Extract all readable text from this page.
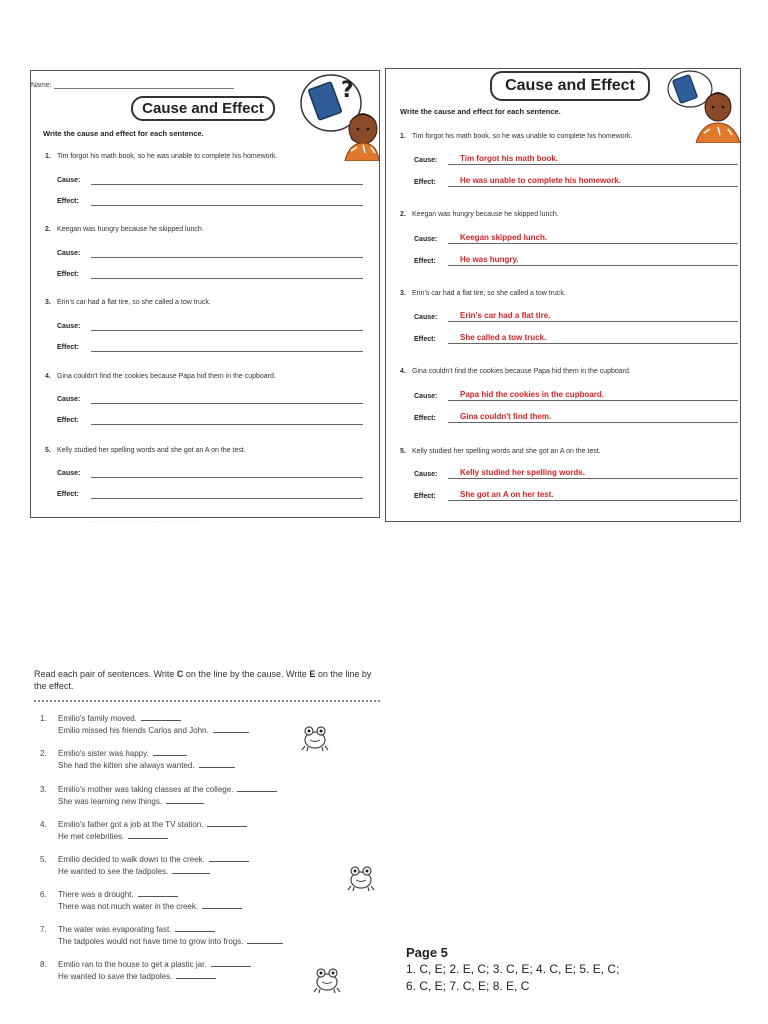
Name:
Cause and Effect
?
Write the cause and effect for each sentence.
1. Tim forgot his math book, so he was unable to complete his homework.
Cause:
Effect:
2. Keegan was hungry because he skipped lunch.
Cause:
Effect:
3. Erin's car had a flat tire, so she called a tow truck.
Cause:
Effect:
4. Gina couldn't find the cookies because Papa hid them in the cupboard.
Cause:
Effect:
5. Kelly studied her spelling words and she got an A on the test.
Cause:
Effect:
· · · · · · · · · · · · · · · · · · · · · · · · · · · · · · · · · · · ·
Cause and Effect
Write the cause and effect for each sentence.
1. Tim forgot his math book, so he was unable to complete his homework.
Cause:	Tim forgot his math book.
Effect:	He was unable to complete his homework.
2. Keegan was hungry because he skipped lunch.
Cause:	Keegan skipped lunch.
Effect:	He was hungry.
3. Erin's car had a flat tire, so she called a tow truck.
Cause:	Erin's car had a flat tire.
Effect:	She called a tow truck.
4. Gina couldn't find the cookies because Papa hid them in the cupboard.
Cause:	Papa hid the cookies in the cupboard.
Effect:	Gina couldn't find them.
5. Kelly studied her spelling words and she got an A on the test.
Cause:	Kelly studied her spelling words.
Effect:	She got an A on her test.
Read each pair of sentences. Write C on the line by the cause. Write E on the line by the effect.
1. Emilio's family moved.
Emilio missed his friends Carlos and John.
2. Emilio's sister was happy.
She had the kitten she always wanted.
3. Emilio's mother was taking classes at the college.
She was learning new things.
4. Emilio's father got a job at the TV station.
He met celebrities.
5. Emilio decided to walk down to the creek.
He wanted to see the tadpoles.
6. There was a drought.
There was not much water in the creek.
7. The water was evaporating fast.
The tadpoles would not have time to grow into frogs.
8. Emilio ran to the house to get a plastic jar.
He wanted to save the tadpoles.
Page 5
1. C, E; 2. E, C; 3. C, E; 4. C, E; 5. E, C;
6. C, E; 7. C, E; 8. E, C
